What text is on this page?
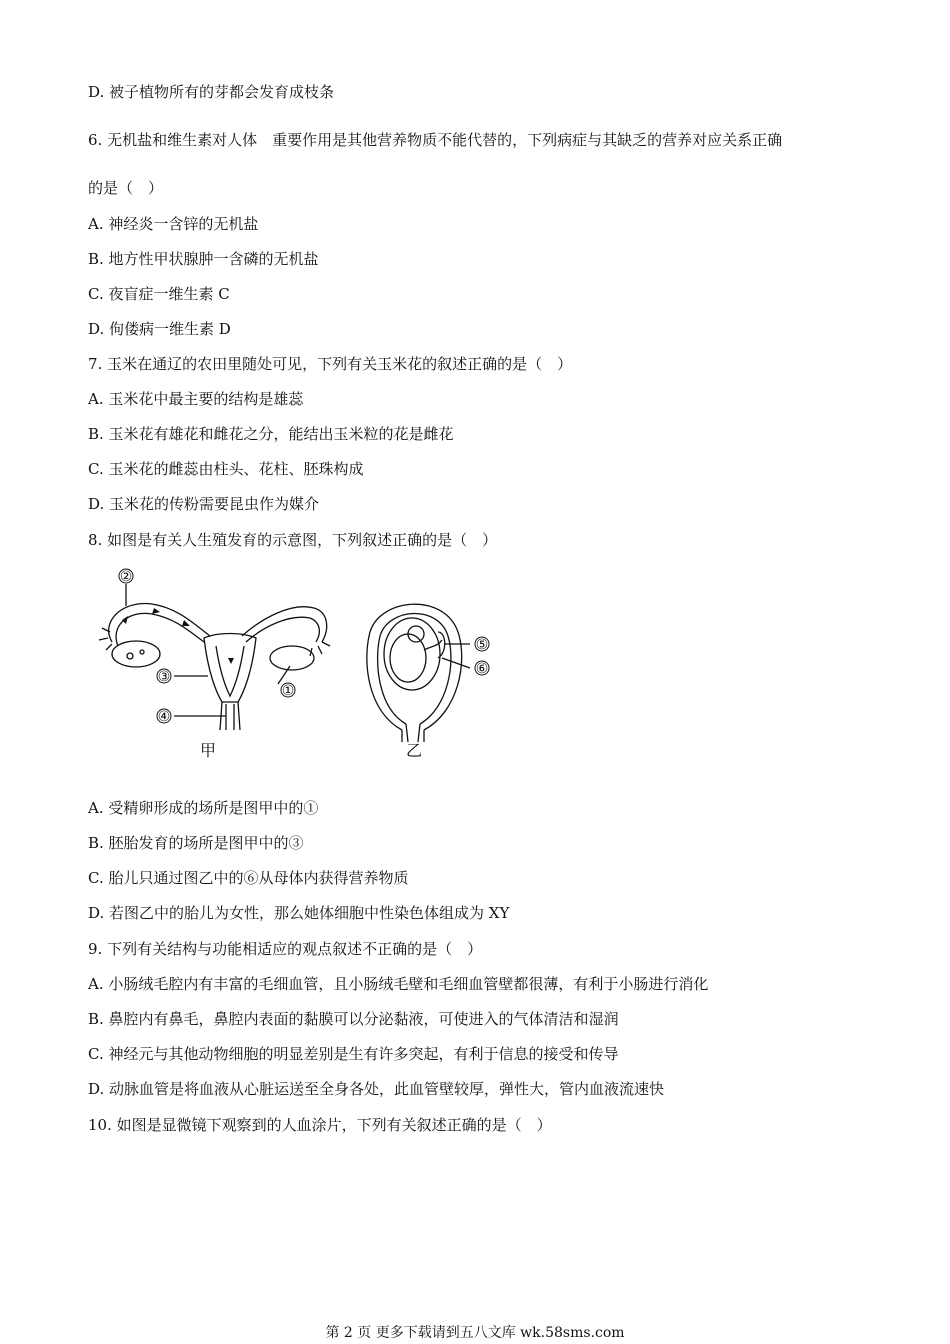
D. 被子植物所有的芽都会发育成枝条
6. 无机盐和维生素对人体　重要作用是其他营养物质不能代替的，下列病症与其缺乏的营养对应关系正确
的是（　）
A. 神经炎一含锌的无机盐
B. 地方性甲状腺肿一含磷的无机盐
C. 夜盲症一维生素 C
D. 佝偻病一维生素 D
7. 玉米在通辽的农田里随处可见，下列有关玉米花的叙述正确的是（　）
A. 玉米花中最主要的结构是雄蕊
B. 玉米花有雄花和雌花之分，能结出玉米粒的花是雌花
C. 玉米花的雌蕊由柱头、花柱、胚珠构成
D. 玉米花的传粉需要昆虫作为媒介
8. 如图是有关人生殖发育的示意图，下列叙述正确的是（　）
A. 受精卵形成的场所是图甲中的①
B. 胚胎发育的场所是图甲中的③
C. 胎儿只通过图乙中的⑥从母体内获得营养物质
D. 若图乙中的胎儿为女性，那么她体细胞中性染色体组成为 XY
9. 下列有关结构与功能相适应的观点叙述不正确的是（　）
A. 小肠绒毛腔内有丰富的毛细血管，且小肠绒毛壁和毛细血管壁都很薄，有利于小肠进行消化
B. 鼻腔内有鼻毛，鼻腔内表面的黏膜可以分泌黏液，可使进入的气体清洁和湿润
C. 神经元与其他动物细胞的明显差别是生有许多突起，有利于信息的接受和传导
D. 动脉血管是将血液从心脏运送至全身各处，此血管壁较厚，弹性大，管内血液流速快
10. 如图是显微镜下观察到的人血涂片，下列有关叙述正确的是（　）
②
③
①
④
甲
⑤
⑥
乙
第 2 页 更多下载请到五八文库 wk.58sms.com
